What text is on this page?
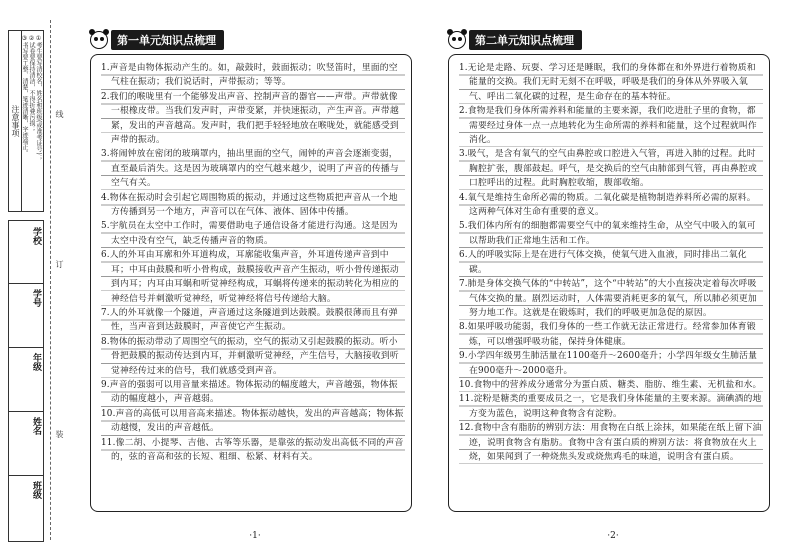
注意事项	①考生要写清校名，姓名和班级(或准考证号)；
②试卷要保持清洁，不得折叠污损；
③书写要工整、清楚，笔迹清晰，字迹端正。
学校
学号
年级
姓名
班级
线
订
装
第一单元知识点梳理

1.声音是由物体振动产生的。如，敲鼓时，鼓面振动；吹竖笛时，里面的空气柱在振动；我们说话时，声带振动；等等。

2.我们的喉咙里有一个能够发出声音、控制声音的器官——声带。声带就像一根橡皮带。当我们发声时，声带变紧，并快速振动，产生声音。声带越紧，发出的声音越高。发声时，我们把手轻轻地放在喉咙处，就能感受到声带的振动。

3.将闹钟放在密闭的玻璃罩内，抽出里面的空气，闹钟的声音会逐渐变弱，直至最后消失。这是因为玻璃罩内的空气越来越少，说明了声音的传播与空气有关。

4.物体在振动时会引起它周围物质的振动，并通过这些物质把声音从一个地方传播到另一个地方，声音可以在气体、液体、固体中传播。

5.宇航员在太空中工作时，需要借助电子通信设备才能进行沟通。这是因为太空中没有空气，缺乏传播声音的物质。

6.人的外耳由耳廓和外耳道构成，耳廓能收集声音，外耳道传递声音到中耳；中耳由鼓膜和听小骨构成，鼓膜接收声音产生振动，听小骨传递振动到内耳；内耳由耳蜗和听觉神经构成，耳蜗将传递来的振动转化为相应的神经信号并刺激听觉神经，听觉神经将信号传递给大脑。

7.人的外耳就像一个隧道，声音通过这条隧道到达鼓膜。鼓膜很薄而且有弹性，当声音到达鼓膜时，声音使它产生振动。

8.物体的振动带动了周围空气的振动，空气的振动又引起鼓膜的振动。听小骨把鼓膜的振动传达到内耳，并刺激听觉神经，产生信号，大脑接收到听觉神经传过来的信号，我们就感受到声音。

9.声音的强弱可以用音量来描述。物体振动的幅度越大，声音越强，物体振动的幅度越小，声音越弱。

10.声音的高低可以用音高来描述。物体振动越快，发出的声音越高；物体振动越慢，发出的声音越低。

11.像二胡、小提琴、吉他、古筝等乐器，是靠弦的振动发出高低不同的声音的，弦的音高和弦的长短、粗细、松紧、材料有关。

·1·
第二单元知识点梳理

1.无论是走路、玩耍、学习还是睡眠，我们的身体都在和外界进行着物质和能量的交换。我们无时无刻不在呼吸，呼吸是我们的身体从外界吸入氧气、呼出二氧化碳的过程，是生命存在的基本特征。

2.食物是我们身体所需养料和能量的主要来源，我们吃进肚子里的食物，都需要经过身体一点一点地转化为生命所需的养料和能量，这个过程就叫作消化。

3.吸气，是含有氧气的空气由鼻腔或口腔进入气管，再进入肺的过程。此时胸腔扩张，腹部鼓起。呼气，是交换后的空气由肺部到气管，再由鼻腔或口腔呼出的过程。此时胸腔收缩，腹部收缩。

4.氧气是维持生命所必需的物质。二氧化碳是植物制造养料所必需的原料。这两种气体对生命有重要的意义。

5.我们体内所有的细胞都需要空气中的氧来维持生命，从空气中吸入的氧可以帮助我们正常地生活和工作。

6.人的呼吸实际上是在进行气体交换，使氧气进入血液，同时排出二氧化碳。

7.肺是身体交换气体的“中转站”，这个“中转站”的大小直接决定着每次呼吸气体交换的量。剧烈运动时，人体需要消耗更多的氧气，所以肺必须更加努力地工作。这就是在锻炼时，我们的呼吸更加急促的原因。

8.如果呼吸功能弱，我们身体的一些工作就无法正常进行。经常参加体育锻炼，可以增强呼吸功能，保持身体健康。

9.小学四年级男生肺活量在1100毫升～2600毫升；小学四年级女生肺活量在900毫升～2000毫升。

10.食物中的营养成分通常分为蛋白质、糖类、脂肪、维生素、无机盐和水。

11.淀粉是糖类的重要成员之一，它是我们身体能量的主要来源。滴碘酒的地方变为蓝色，说明这种食物含有淀粉。

12.食物中含有脂肪的辨别方法：用食物在白纸上涂抹，如果能在纸上留下油迹，说明食物含有脂肪。食物中含有蛋白质的辨别方法：将食物放在火上烧，如果闻到了一种烧焦头发或烧焦鸡毛的味道，说明含有蛋白质。

·2·
